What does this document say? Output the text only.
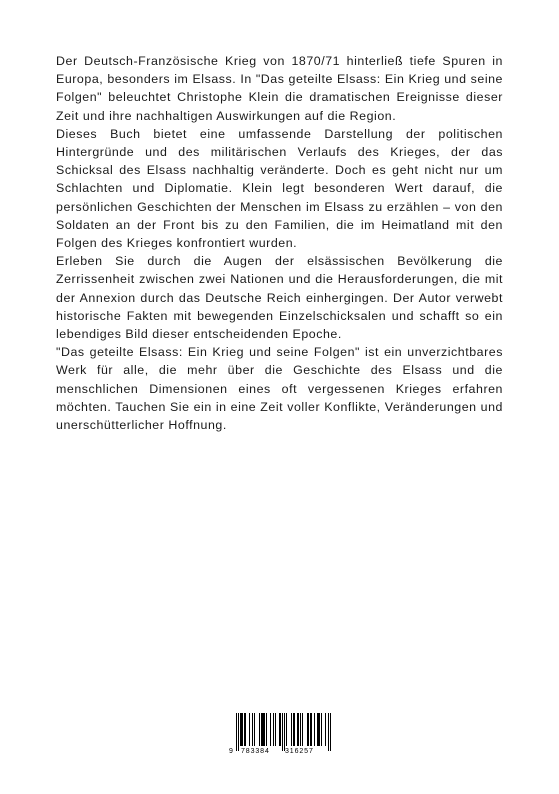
Der Deutsch-Französische Krieg von 1870/71 hinterließ tiefe Spuren in Europa, besonders im Elsass. In "Das geteilte Elsass: Ein Krieg und seine Folgen" beleuchtet Christophe Klein die dramatischen Ereignisse dieser Zeit und ihre nachhaltigen Auswirkungen auf die Region.

Dieses Buch bietet eine umfassende Darstellung der politischen Hintergründe und des militärischen Verlaufs des Krieges, der das Schicksal des Elsass nachhaltig veränderte. Doch es geht nicht nur um Schlachten und Diplomatie. Klein legt besonderen Wert darauf, die persönlichen Geschichten der Menschen im Elsass zu erzählen – von den Soldaten an der Front bis zu den Familien, die im Heimatland mit den Folgen des Krieges konfrontiert wurden.

Erleben Sie durch die Augen der elsässischen Bevölkerung die Zerrissenheit zwischen zwei Nationen und die Herausforderungen, die mit der Annexion durch das Deutsche Reich einhergingen. Der Autor verwebt historische Fakten mit bewegenden Einzelschicksalen und schafft so ein lebendiges Bild dieser entscheidenden Epoche.

"Das geteilte Elsass: Ein Krieg und seine Folgen" ist ein unverzichtbares Werk für alle, die mehr über die Geschichte des Elsass und die menschlichen Dimensionen eines oft vergessenen Krieges erfahren möchten. Tauchen Sie ein in eine Zeit voller Konflikte, Veränderungen und unerschütterlicher Hoffnung.

9 783384 316257
